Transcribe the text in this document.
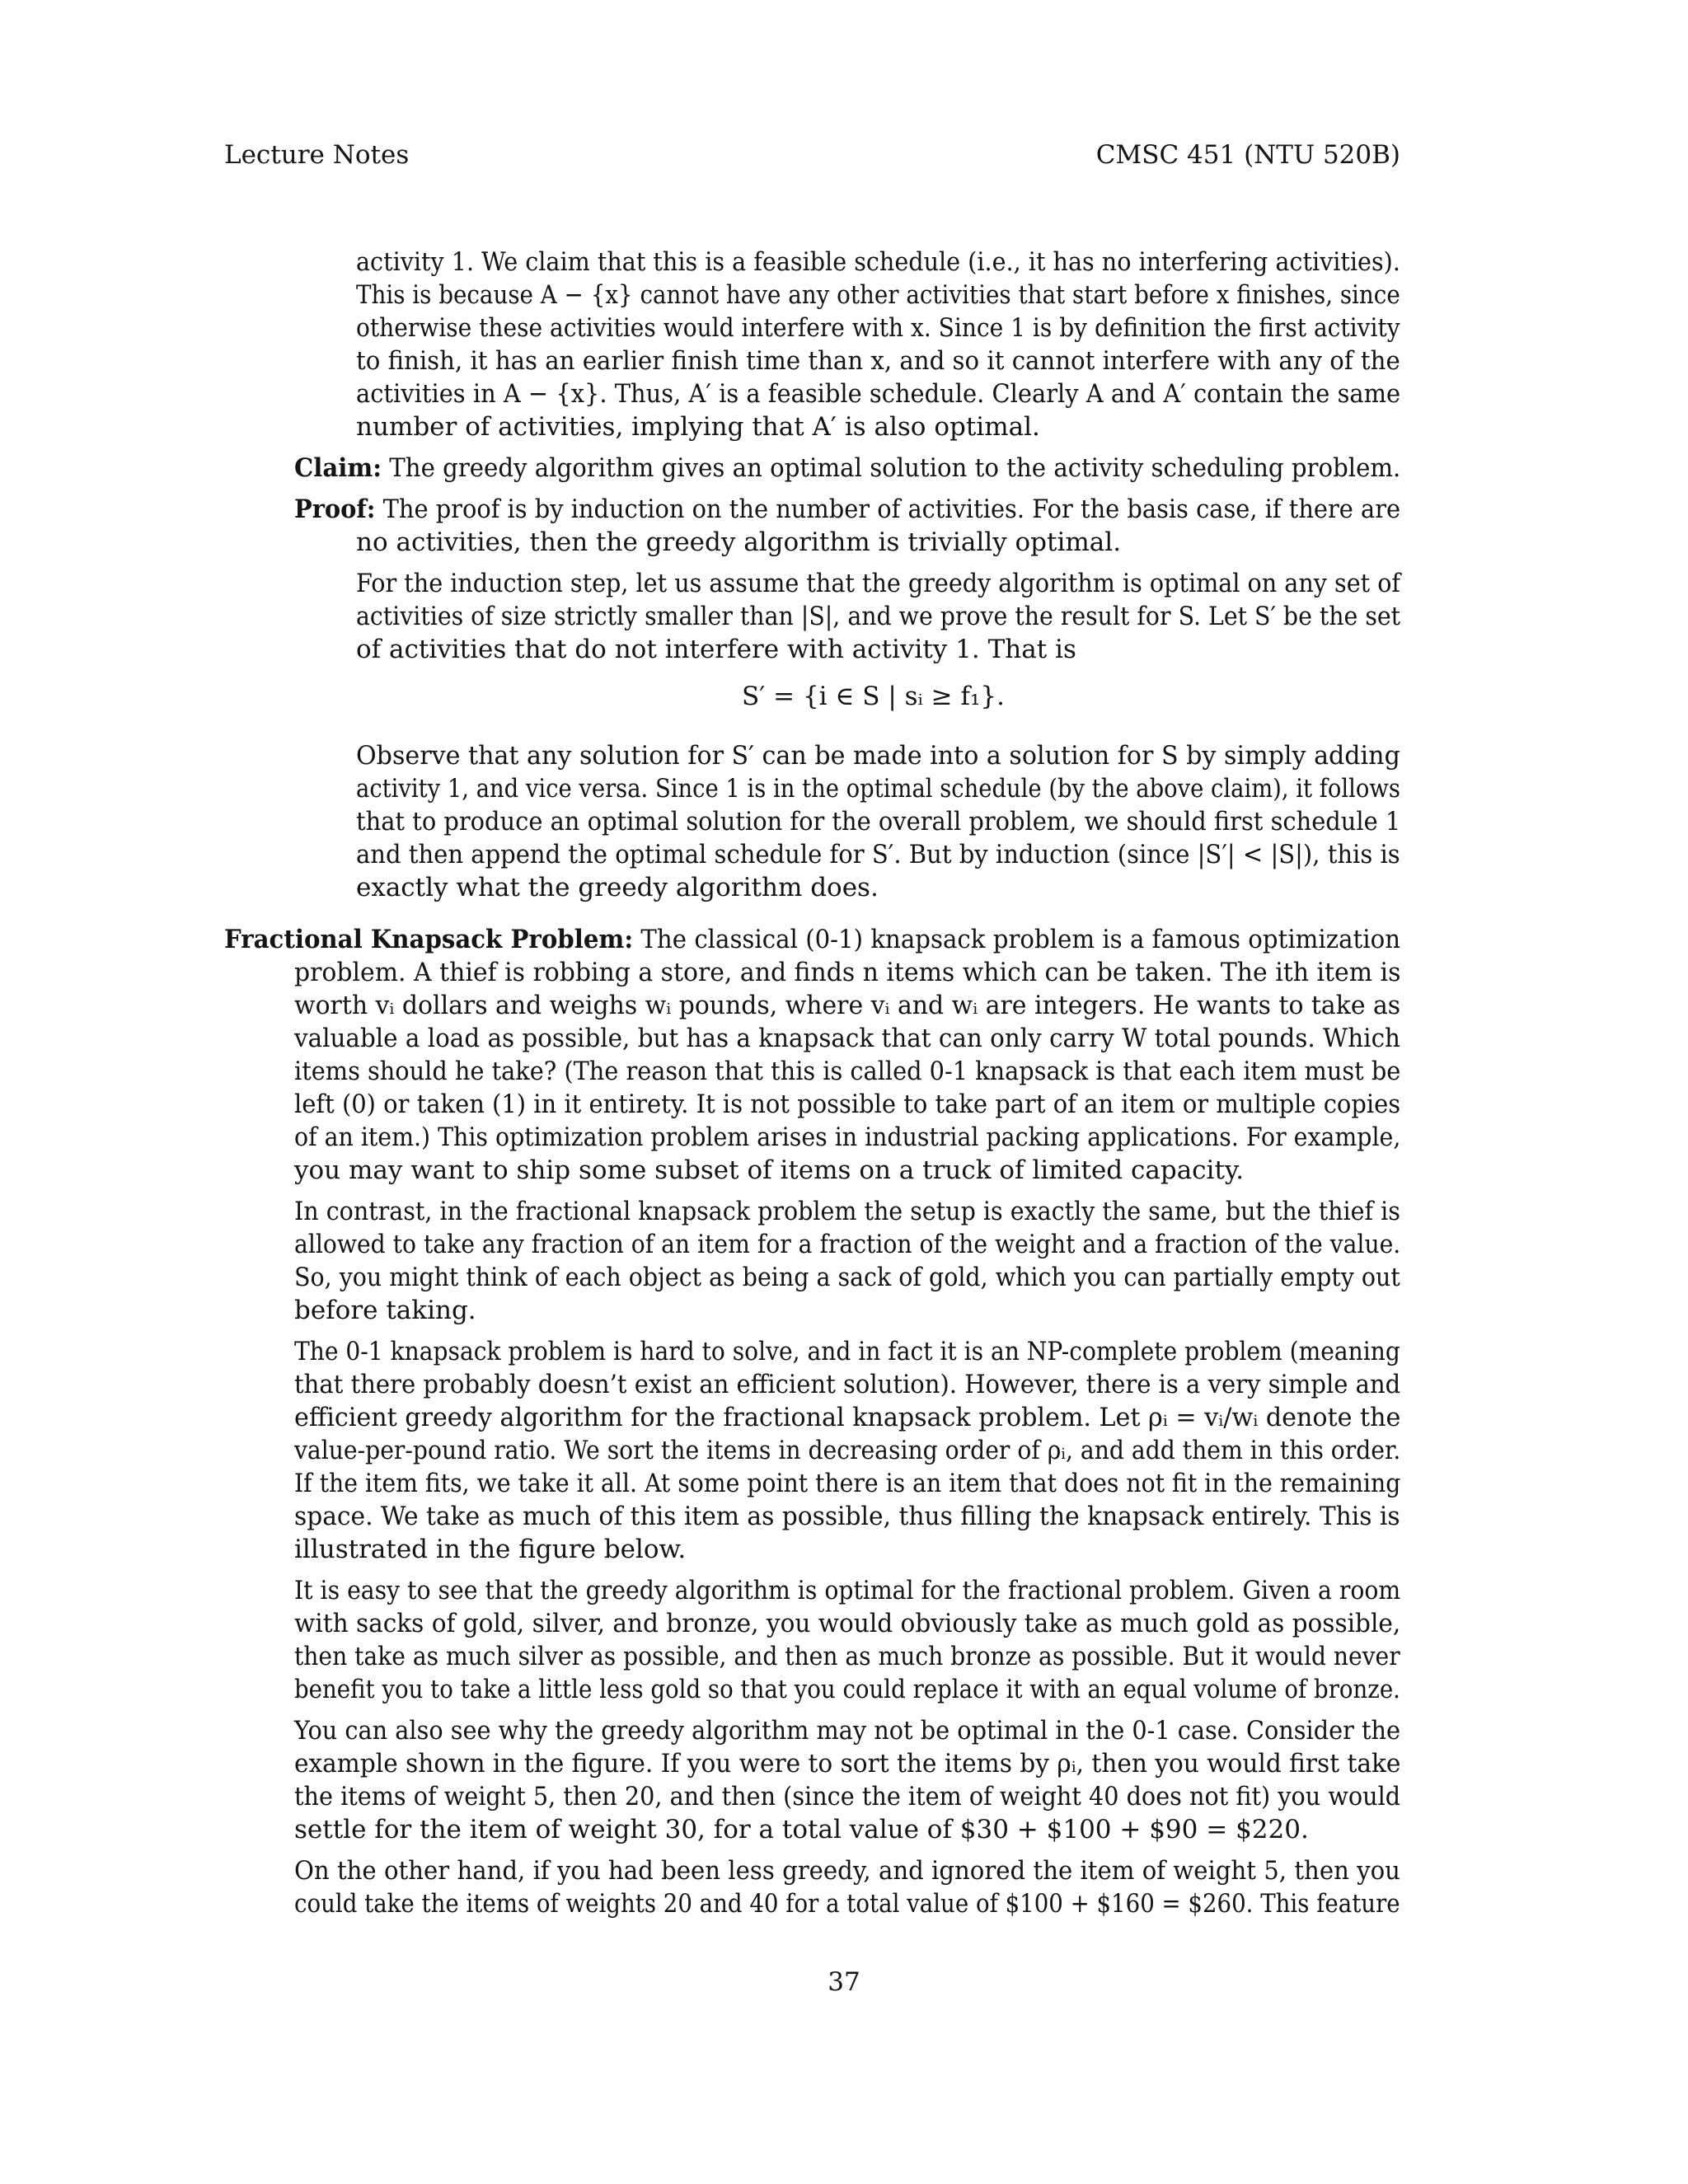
Lecture Notes	CMSC 451 (NTU 520B)
activity 1. We claim that this is a feasible schedule (i.e., it has no interfering activities).
This is because A − {x} cannot have any other activities that start before x finishes, since
otherwise these activities would interfere with x. Since 1 is by definition the first activity
to finish, it has an earlier finish time than x, and so it cannot interfere with any of the
activities in A − {x}. Thus, A′ is a feasible schedule. Clearly A and A′ contain the same
number of activities, implying that A′ is also optimal.
Claim: The greedy algorithm gives an optimal solution to the activity scheduling problem.
Proof: The proof is by induction on the number of activities. For the basis case, if there are
no activities, then the greedy algorithm is trivially optimal.
For the induction step, let us assume that the greedy algorithm is optimal on any set of
activities of size strictly smaller than |S|, and we prove the result for S. Let S′ be the set
of activities that do not interfere with activity 1. That is
S′ = {i ∈ S | sᵢ ≥ f₁}.
Observe that any solution for S′ can be made into a solution for S by simply adding
activity 1, and vice versa. Since 1 is in the optimal schedule (by the above claim), it follows
that to produce an optimal solution for the overall problem, we should first schedule 1
and then append the optimal schedule for S′. But by induction (since |S′| < |S|), this is
exactly what the greedy algorithm does.
Fractional Knapsack Problem: The classical (0-1) knapsack problem is a famous optimization
problem. A thief is robbing a store, and finds n items which can be taken. The ith item is
worth vᵢ dollars and weighs wᵢ pounds, where vᵢ and wᵢ are integers. He wants to take as
valuable a load as possible, but has a knapsack that can only carry W total pounds. Which
items should he take? (The reason that this is called 0-1 knapsack is that each item must be
left (0) or taken (1) in it entirety. It is not possible to take part of an item or multiple copies
of an item.) This optimization problem arises in industrial packing applications. For example,
you may want to ship some subset of items on a truck of limited capacity.
In contrast, in the fractional knapsack problem the setup is exactly the same, but the thief is
allowed to take any fraction of an item for a fraction of the weight and a fraction of the value.
So, you might think of each object as being a sack of gold, which you can partially empty out
before taking.
The 0-1 knapsack problem is hard to solve, and in fact it is an NP-complete problem (meaning
that there probably doesn’t exist an efficient solution). However, there is a very simple and
efficient greedy algorithm for the fractional knapsack problem. Let ρᵢ = vᵢ/wᵢ denote the
value-per-pound ratio. We sort the items in decreasing order of ρᵢ, and add them in this order.
If the item fits, we take it all. At some point there is an item that does not fit in the remaining
space. We take as much of this item as possible, thus filling the knapsack entirely. This is
illustrated in the figure below.
It is easy to see that the greedy algorithm is optimal for the fractional problem. Given a room
with sacks of gold, silver, and bronze, you would obviously take as much gold as possible,
then take as much silver as possible, and then as much bronze as possible. But it would never
benefit you to take a little less gold so that you could replace it with an equal volume of bronze.
You can also see why the greedy algorithm may not be optimal in the 0-1 case. Consider the
example shown in the figure. If you were to sort the items by ρᵢ, then you would first take
the items of weight 5, then 20, and then (since the item of weight 40 does not fit) you would
settle for the item of weight 30, for a total value of $30 + $100 + $90 = $220.
On the other hand, if you had been less greedy, and ignored the item of weight 5, then you
could take the items of weights 20 and 40 for a total value of $100 + $160 = $260. This feature
37
